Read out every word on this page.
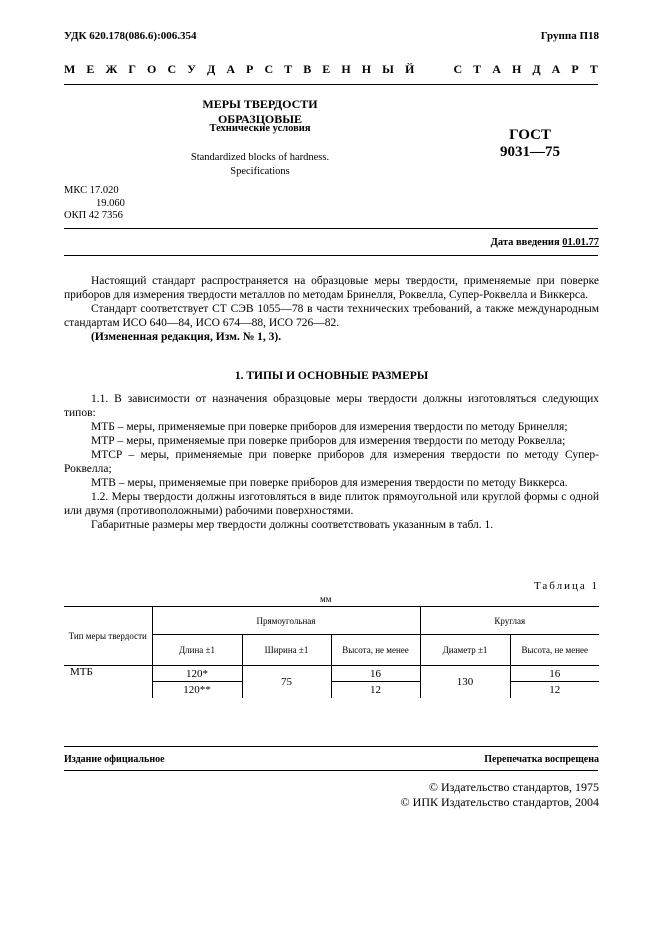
УДК 620.178(086.6):006.354	Группа П18
М Е Ж Г О С У Д А Р С Т В Е Н Н Ы Й

	С Т А Н Д А Р Т
МЕРЫ ТВЕРДОСТИ ОБРАЗЦОВЫЕ
Технические условия
Standardized blocks of hardness.
Specifications
ГОСТ
9031—75
МКС 17.020
19.060
ОКП 42 7356
Дата введения 01.01.77

Настоящий стандарт распространяется на образцовые меры твердости, применяемые при поверке приборов для измерения твердости металлов по методам Бринелля, Роквелла, Супер-Роквелла и Виккерса.

Стандарт соответствует СТ СЭВ 1055—78 в части технических требований, а также международным стандартам ИСО 640—84, ИСО 674—88, ИСО 726—82.

(Измененная редакция, Изм. № 1, 3).

1. ТИПЫ И ОСНОВНЫЕ РАЗМЕРЫ

1.1. В зависимости от назначения образцовые меры твердости должны изготовляться следующих типов:

МТБ – меры, применяемые при поверке приборов для измерения твердости по методу Бринелля;

МТР – меры, применяемые при поверке приборов для измерения твердости по методу Роквелла;

МТСР – меры, применяемые при поверке приборов для измерения твердости по методу Супер-Роквелла;

МТВ – меры, применяемые при поверке приборов для измерения твердости по методу Виккерса.

1.2. Меры твердости должны изготовляться в виде плиток прямоугольной или круглой формы с одной или двумя (противоположными) рабочими поверхностями.

Габаритные размеры мер твердости должны соответствовать указанным в табл. 1.

Таблица 1
мм
Тип меры твердости	Прямоугольная			Круглая	
	Длина ±1	Ширина ±1	Высота, не менее	Диаметр ±1	Высота, не менее
МТБ	120*	75	16	130	16
	120**		12		12
Издание официальное	Перепечатка воспрещена
© Издательство стандартов, 1975
© ИПК Издательство стандартов, 2004
